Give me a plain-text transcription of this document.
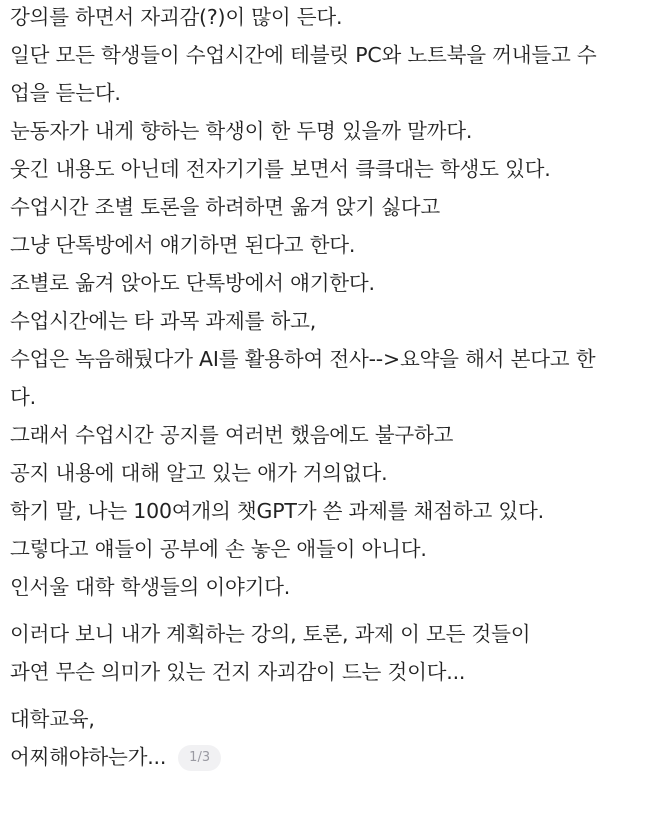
강의를 하면서 자괴감(?)이 많이 든다.
일단 모든 학생들이 수업시간에 테블릿 PC와 노트북을 꺼내들고 수
업을 듣는다.
눈동자가 내게 향하는 학생이 한 두명 있을까 말까다.
웃긴 내용도 아닌데 전자기기를 보면서 킄킄대는 학생도 있다.
수업시간 조별 토론을 하려하면 옮겨 앉기 싫다고
그냥 단톡방에서 얘기하면 된다고 한다.
조별로 옮겨 앉아도 단톡방에서 얘기한다.
수업시간에는 타 과목 과제를 하고,
수업은 녹음해뒀다가 AI를 활용하여 전사-->요약을 해서 본다고 한
다.
그래서 수업시간 공지를 여러번 했음에도 불구하고
공지 내용에 대해 알고 있는 애가 거의없다.
학기 말, 나는 100여개의 챗GPT가 쓴 과제를 채점하고 있다.
그렇다고 얘들이 공부에 손 놓은 애들이 아니다.
인서울 대학 학생들의 이야기다.
이러다 보니 내가 계획하는 강의, 토론, 과제 이 모든 것들이
과연 무슨 의미가 있는 건지 자괴감이 드는 것이다...
대학교육,
어찌해야하는가...	1/3
